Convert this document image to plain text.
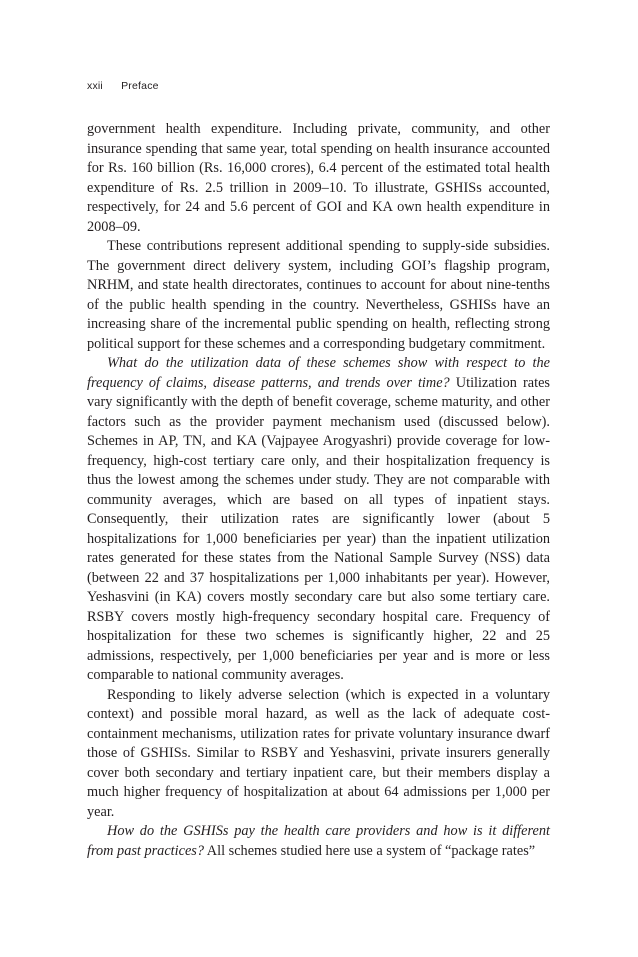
xxii Preface

government health expenditure. Including private, community, and other insurance spending that same year, total spending on health insurance accounted for Rs. 160 billion (Rs. 16,000 crores), 6.4 percent of the estimated total health expenditure of Rs. 2.5 trillion in 2009–10. To illustrate, GSHISs accounted, respectively, for 24 and 5.6 percent of GOI and KA own health expenditure in 2008–09.

These contributions represent additional spending to supply-side subsidies. The government direct delivery system, including GOI’s flagship program, NRHM, and state health directorates, continues to account for about nine-tenths of the public health spending in the country. Nevertheless, GSHISs have an increasing share of the incremental public spending on health, reflecting strong political support for these schemes and a corresponding budgetary commitment.

What do the utilization data of these schemes show with respect to the frequency of claims, disease patterns, and trends over time? Utilization rates vary significantly with the depth of benefit coverage, scheme maturity, and other factors such as the provider payment mechanism used (discussed below). Schemes in AP, TN, and KA (Vajpayee Arogyashri) provide coverage for low-frequency, high-cost tertiary care only, and their hospitalization frequency is thus the lowest among the schemes under study. They are not comparable with community averages, which are based on all types of inpatient stays. Consequently, their utilization rates are significantly lower (about 5 hospitalizations for 1,000 beneficiaries per year) than the inpatient utilization rates generated for these states from the National Sample Survey (NSS) data (between 22 and 37 hospitalizations per 1,000 inhabitants per year). However, Yeshasvini (in KA) covers mostly secondary care but also some tertiary care. RSBY covers mostly high-frequency secondary hospital care. Frequency of hospitalization for these two schemes is significantly higher, 22 and 25 admissions, respectively, per 1,000 beneficiaries per year and is more or less comparable to national community averages.

Responding to likely adverse selection (which is expected in a voluntary context) and possible moral hazard, as well as the lack of adequate cost-containment mechanisms, utilization rates for private voluntary insurance dwarf those of GSHISs. Similar to RSBY and Yeshasvini, private insurers generally cover both secondary and tertiary inpatient care, but their members display a much higher frequency of hospitalization at about 64 admissions per 1,000 per year.

How do the GSHISs pay the health care providers and how is it different from past practices? All schemes studied here use a system of “package rates”
